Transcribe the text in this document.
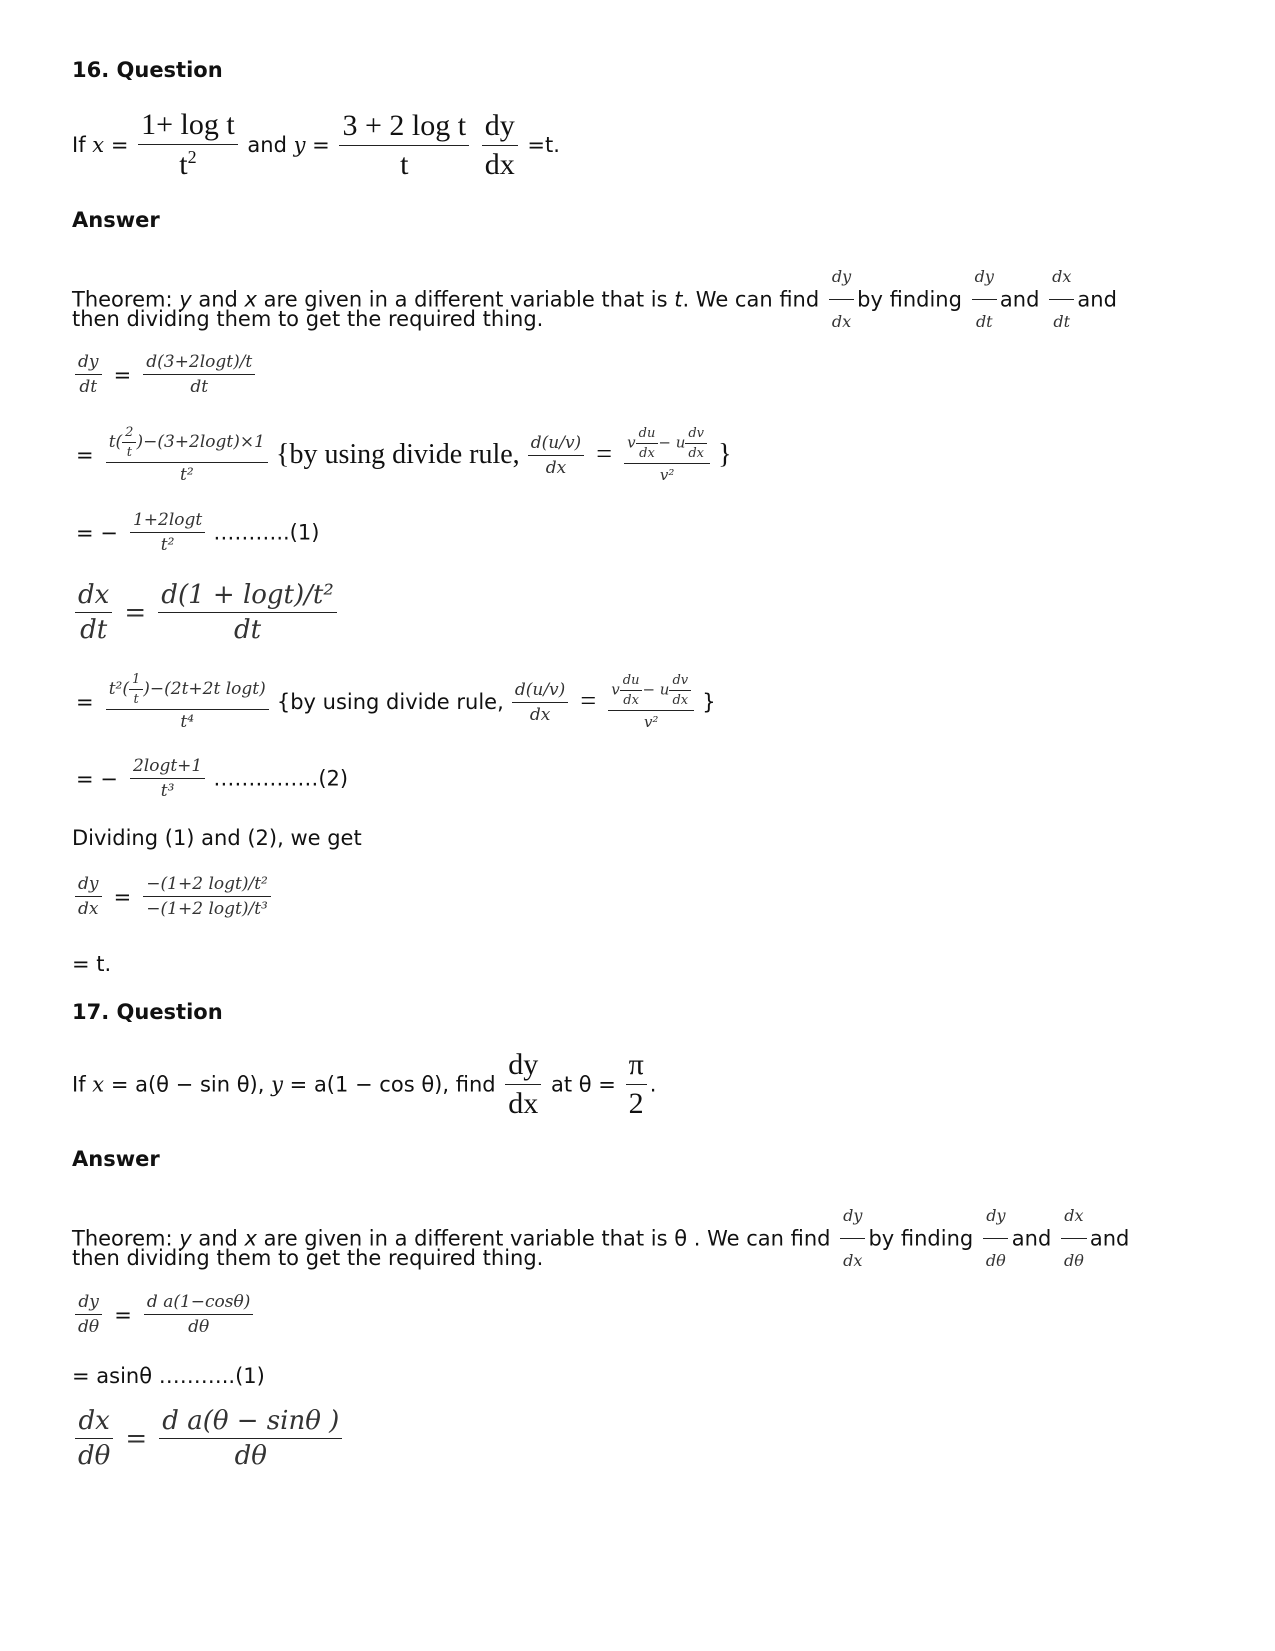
16. Question
If $x = \frac{\text{1+ log t}}{t^2}$ and $y = \frac{\text{3 + 2 log t}}{t}$
$\frac{dy}{dx} =t$.
Answer
Theorem: y and x are given in a different variable that is t. We can find $\frac{dy}{dx}$ by finding $\frac{dy}{dt}$ and $\frac{dx}{dt}$ and
then dividing them to get the required thing.
$\frac{dy}{dt} = \frac{d(3+2\log t)/t}{dt}$
= $\frac{t( \frac{2}{t} )-(3+2\log t)\times 1}{\text{t²}} \{by$ using divide rule, $\frac{d(u/v)}{dx} = \frac{v \frac{du}{dx} - u \frac{dv}{dx}}{\text{v²}}$ }
= − $\frac{1+2\log t}{\text{t²}}$ ………..(1)
$\frac{dx}{dt} = \frac{\text{d(1 + logt)/t²}}{dt}$
= $\frac{t^2( \frac{1}{t} )-(2t+2t \log t)}{\text{t⁴}} \{by$ using divide rule, $\frac{d(u/v)}{dx} = \frac{v \frac{du}{dx} - u \frac{dv}{dx}}{\text{v²}}$ }
= − $\frac{2\log t+1}{\text{t³}}$ ……………(2)
Dividing (1) and (2), we get
$\frac{dy}{dx} = \frac{\text{−(1+2 logt)/t²}}{\text{−(1+2 logt)/t³}}$
= t.
17. Question
If x = a(θ − sin θ), y = a(1 − cos θ), find $\frac{dy}{dx}$ at $\theta = \frac{\pi}{2}$ .
Answer
Theorem: y and x are given in a different variable that is θ . We can find $\frac{dy}{dx}$ by finding $\frac{dy}{d\theta}$ and $\frac{dx}{d\theta}$ and
then dividing them to get the required thing.
$\frac{dy}{d\theta} = \frac{\text{d a(1−cosθ)}}{d\theta}$
= asinθ ………..(1)
$\frac{dx}{d\theta} = \frac{\text{d a(θ − sinθ )}}{d\theta}$
